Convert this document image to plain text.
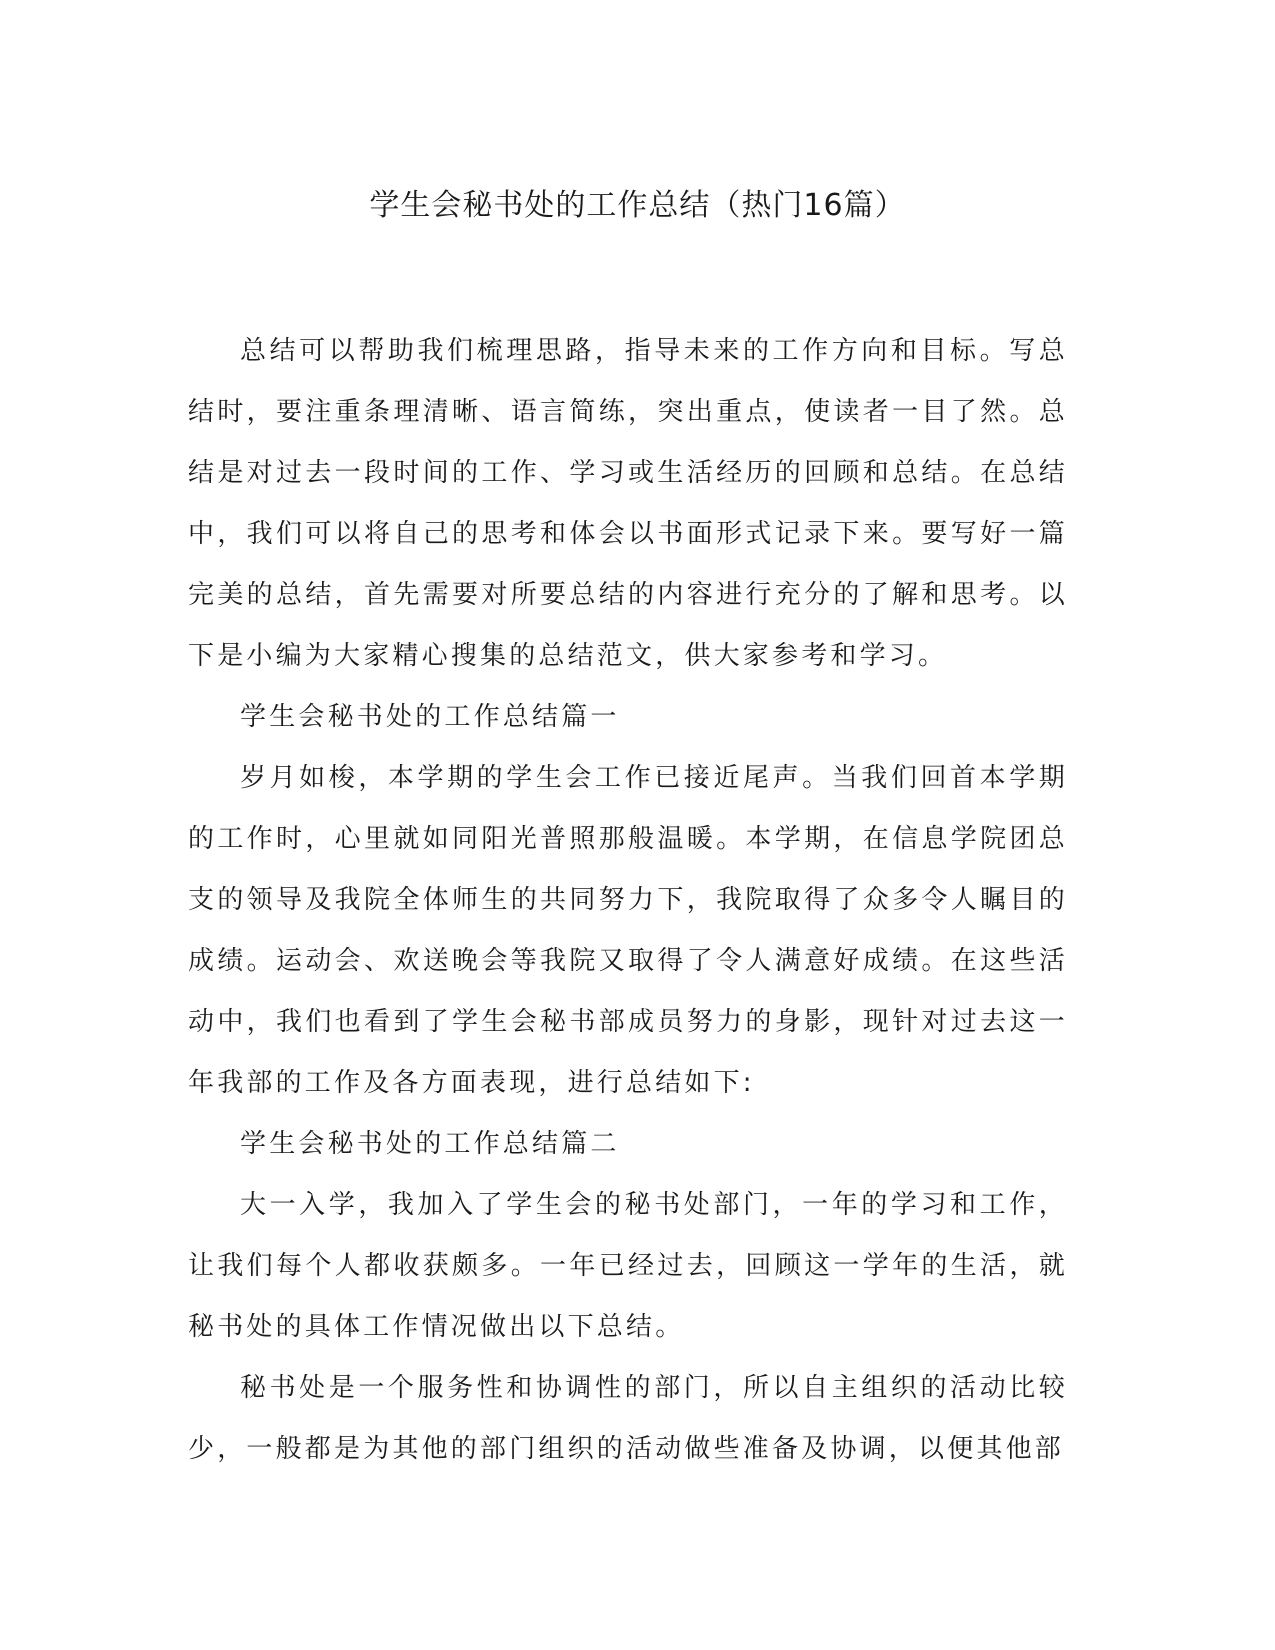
学生会秘书处的工作总结（热门16篇）

总结可以帮助我们梳理思路，指导未来的工作方向和目标。写总结时，要注重条理清晰、语言简练，突出重点，使读者一目了然。总结是对过去一段时间的工作、学习或生活经历的回顾和总结。在总结中，我们可以将自己的思考和体会以书面形式记录下来。要写好一篇完美的总结，首先需要对所要总结的内容进行充分的了解和思考。以下是小编为大家精心搜集的总结范文，供大家参考和学习。

学生会秘书处的工作总结篇一

岁月如梭，本学期的学生会工作已接近尾声。当我们回首本学期的工作时，心里就如同阳光普照那般温暖。本学期，在信息学院团总支的领导及我院全体师生的共同努力下，我院取得了众多令人瞩目的成绩。运动会、欢送晚会等我院又取得了令人满意好成绩。在这些活动中，我们也看到了学生会秘书部成员努力的身影，现针对过去这一年我部的工作及各方面表现，进行总结如下:

学生会秘书处的工作总结篇二

大一入学，我加入了学生会的秘书处部门，一年的学习和工作，让我们每个人都收获颇多。一年已经过去，回顾这一学年的生活，就秘书处的具体工作情况做出以下总结。

秘书处是一个服务性和协调性的部门，所以自主组织的活动比较少，一般都是为其他的部门组织的活动做些准备及协调，以便其他部
